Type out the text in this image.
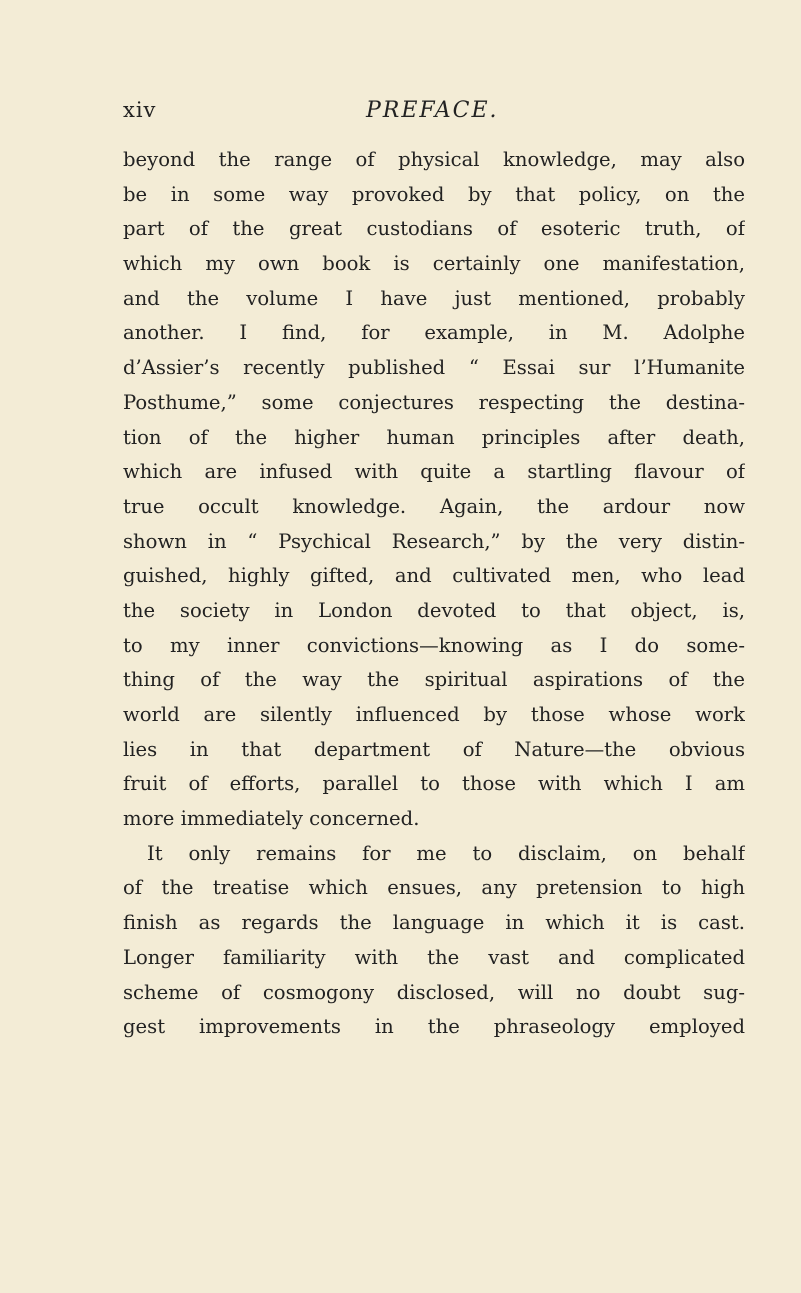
xiv	PREFACE.
beyond the range of physical knowledge, may also
be in some way provoked by that policy, on the
part of the great custodians of esoteric truth, of
which my own book is certainly one manifestation,
and the volume I have just mentioned, probably
another. I find, for example, in M. Adolphe
d’Assier’s recently published “ Essai sur l’Humanite
Posthume,” some conjectures respecting the destina-
tion of the higher human principles after death,
which are infused with quite a startling flavour of
true occult knowledge. Again, the ardour now
shown in “ Psychical Research,” by the very distin-
guished, highly gifted, and cultivated men, who lead
the society in London devoted to that object, is,
to my inner convictions—knowing as I do some-
thing of the way the spiritual aspirations of the
world are silently influenced by those whose work
lies in that department of Nature—the obvious
fruit of efforts, parallel to those with which I am
more immediately concerned.
It only remains for me to disclaim, on behalf
of the treatise which ensues, any pretension to high
finish as regards the language in which it is cast.
Longer familiarity with the vast and complicated
scheme of cosmogony disclosed, will no doubt sug-
gest improvements in the phraseology employed
